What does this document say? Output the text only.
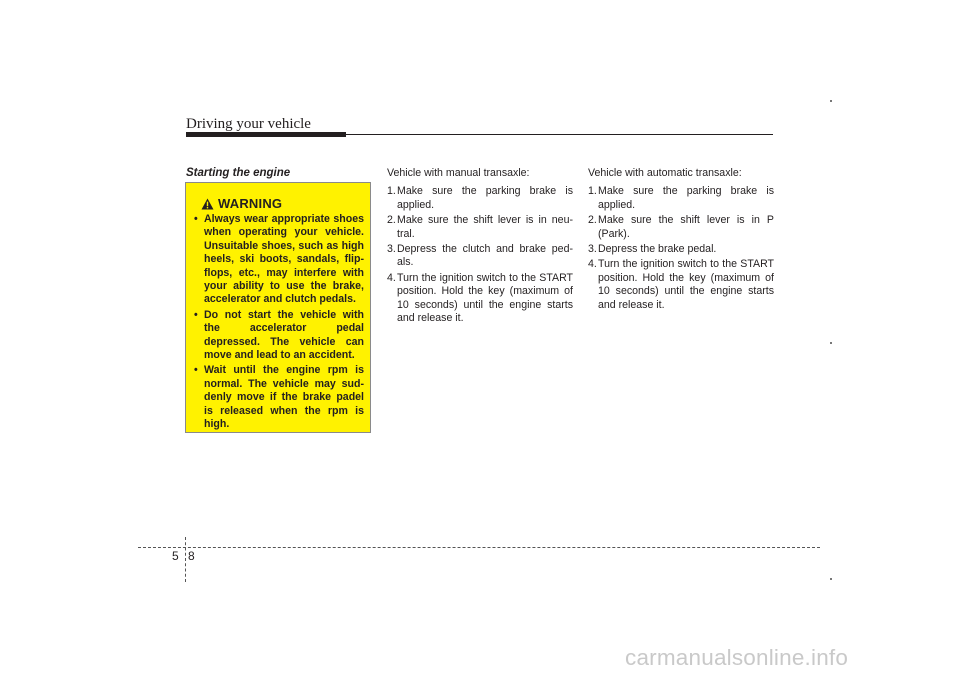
Driving your vehicle
Starting the engine
WARNING
• Always wear appropriate shoes when operating your vehicle. Unsuitable shoes, such as high heels, ski boots, sandals, flip-flops, etc., may interfere with your ability to use the brake, accelerator and clutch pedals.
• Do not start the vehicle with the accelerator pedal depressed. The vehicle can move and lead to an accident.
• Wait until the engine rpm is normal. The vehicle may sud-denly move if the brake padel is released when the rpm is high.
Vehicle with manual transaxle:
1. Make sure the parking brake is applied.
2. Make sure the shift lever is in neu-tral.
3. Depress the clutch and brake ped-als.
4. Turn the ignition switch to the START position. Hold the key (maximum of 10 seconds) until the engine starts and release it.
Vehicle with automatic transaxle:
1. Make sure the parking brake is applied.
2. Make sure the shift lever is in P (Park).
3. Depress the brake pedal.
4. Turn the ignition switch to the START position. Hold the key (maximum of 10 seconds) until the engine starts and release it.
5 8
carmanualsonline.info
